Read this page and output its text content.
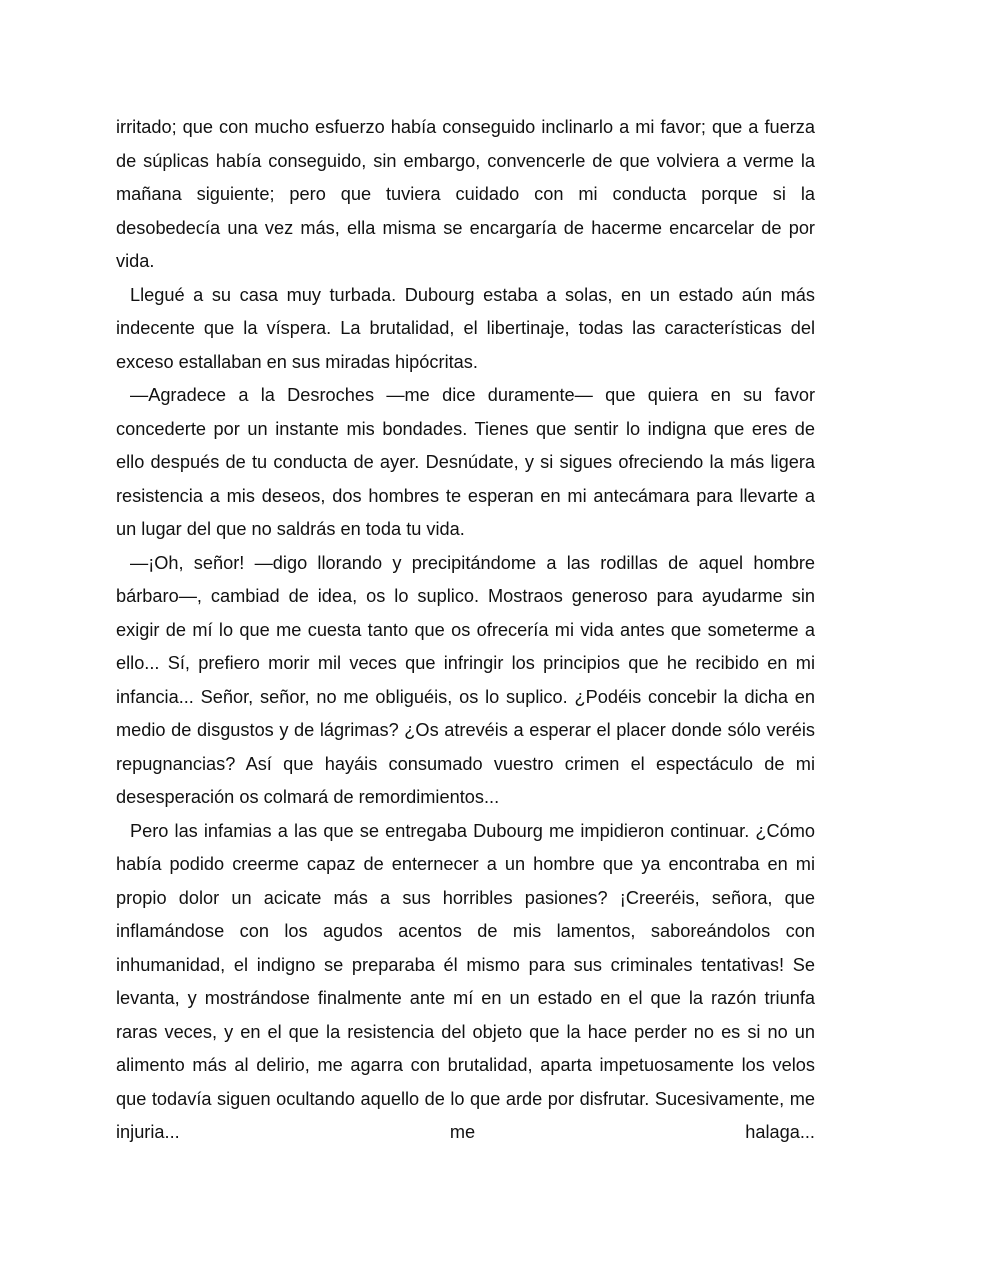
irritado; que con mucho esfuerzo había conseguido inclinarlo a mi favor; que a fuerza de súplicas había conseguido, sin embargo, convencerle de que volviera a verme la mañana siguiente; pero que tuviera cuidado con mi conducta porque si la desobedecía una vez más, ella misma se encargaría de hacerme encarcelar de por vida.

Llegué a su casa muy turbada. Dubourg estaba a solas, en un estado aún más indecente que la víspera. La brutalidad, el libertinaje, todas las características del exceso estallaban en sus miradas hipócritas.

—Agradece a la Desroches —me dice duramente— que quiera en su favor concederte por un instante mis bondades. Tienes que sentir lo indigna que eres de ello después de tu conducta de ayer. Desnúdate, y si sigues ofreciendo la más ligera resistencia a mis deseos, dos hombres te esperan en mi antecámara para llevarte a un lugar del que no saldrás en toda tu vida.

—¡Oh, señor! —digo llorando y precipitándome a las rodillas de aquel hombre bárbaro—, cambiad de idea, os lo suplico. Mostraos generoso para ayudarme sin exigir de mí lo que me cuesta tanto que os ofrecería mi vida antes que someterme a ello... Sí, prefiero morir mil veces que infringir los principios que he recibido en mi infancia... Señor, señor, no me obliguéis, os lo suplico. ¿Podéis concebir la dicha en medio de disgustos y de lágrimas? ¿Os atrevéis a esperar el placer donde sólo veréis repugnancias? Así que hayáis consumado vuestro crimen el espectáculo de mi desesperación os colmará de remordimientos...

Pero las infamias a las que se entregaba Dubourg me impidieron continuar. ¿Cómo había podido creerme capaz de enternecer a un hombre que ya encontraba en mi propio dolor un acicate más a sus horribles pasiones? ¡Creeréis, señora, que inflamándose con los agudos acentos de mis lamentos, saboreándolos con inhumanidad, el indigno se preparaba él mismo para sus criminales tentativas! Se levanta, y mostrándose finalmente ante mí en un estado en el que la razón triunfa raras veces, y en el que la resistencia del objeto que la hace perder no es si no un alimento más al delirio, me agarra con brutalidad, aparta impetuosamente los velos que todavía siguen ocultando aquello de lo que arde por disfrutar. Sucesivamente, me injuria... me halaga...
